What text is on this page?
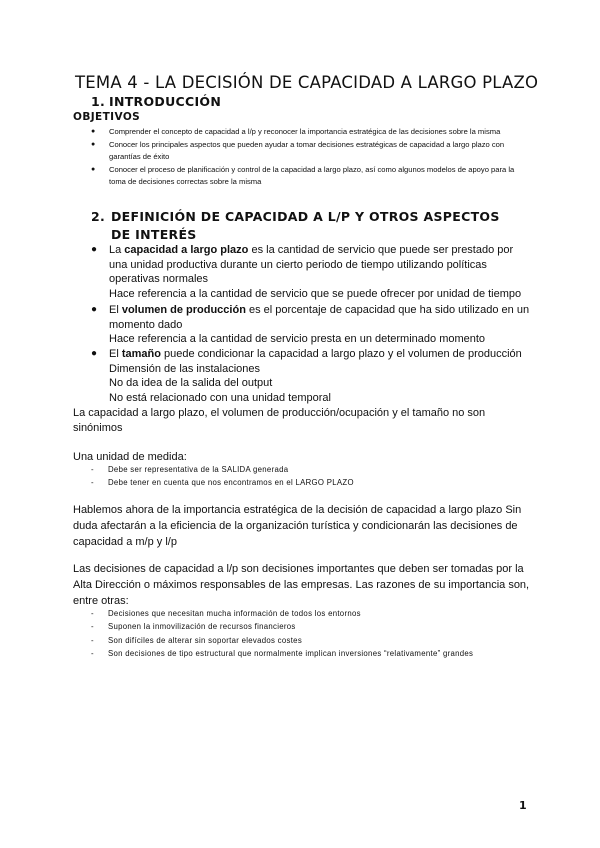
TEMA 4 - LA DECISIÓN DE CAPACIDAD A LARGO PLAZO
1. INTRODUCCIÓN
OBJETIVOS
● Comprender el concepto de capacidad a l/p y reconocer la importancia estratégica de las decisiones sobre la misma
● Conocer los principales aspectos que pueden ayudar a tomar decisiones estratégicas de capacidad a largo plazo con garantías de éxito
● Conocer el proceso de planificación y control de la capacidad a largo plazo, así como algunos modelos de apoyo para la toma de decisiones correctas sobre la misma
2. DEFINICIÓN DE CAPACIDAD A L/P Y OTROS ASPECTOS DE INTERÉS
●	La capacidad a largo plazo es la cantidad de servicio que puede ser prestado por una unidad productiva durante un cierto periodo de tiempo utilizando políticas operativas normales
Hace referencia a la cantidad de servicio que se puede ofrecer por unidad de tiempo
●	El volumen de producción es el porcentaje de capacidad que ha sido utilizado en un momento dado
Hace referencia a la cantidad de servicio presta en un determinado momento
●	El tamaño puede condicionar la capacidad a largo plazo y el volumen de producción
Dimensión de las instalaciones
No da idea de la salida del output
No está relacionado con una unidad temporal
La capacidad a largo plazo, el volumen de producción/ocupación y el tamaño no son sinónimos
Una unidad de medida:
- Debe ser representativa de la SALIDA generada
- Debe tener en cuenta que nos encontramos en el LARGO PLAZO
Hablemos ahora de la importancia estratégica de la decisión de capacidad a largo plazo Sin duda afectarán a la eficiencia de la organización turística y condicionarán las decisiones de capacidad a m/p y l/p
Las decisiones de capacidad a l/p son decisiones importantes que deben ser tomadas por la Alta Dirección o máximos responsables de las empresas. Las razones de su importancia son, entre otras:
- Decisiones que necesitan mucha información de todos los entornos
- Suponen la inmovilización de recursos financieros
- Son difíciles de alterar sin soportar elevados costes
- Son decisiones de tipo estructural que normalmente implican inversiones “relativamente” grandes
1
